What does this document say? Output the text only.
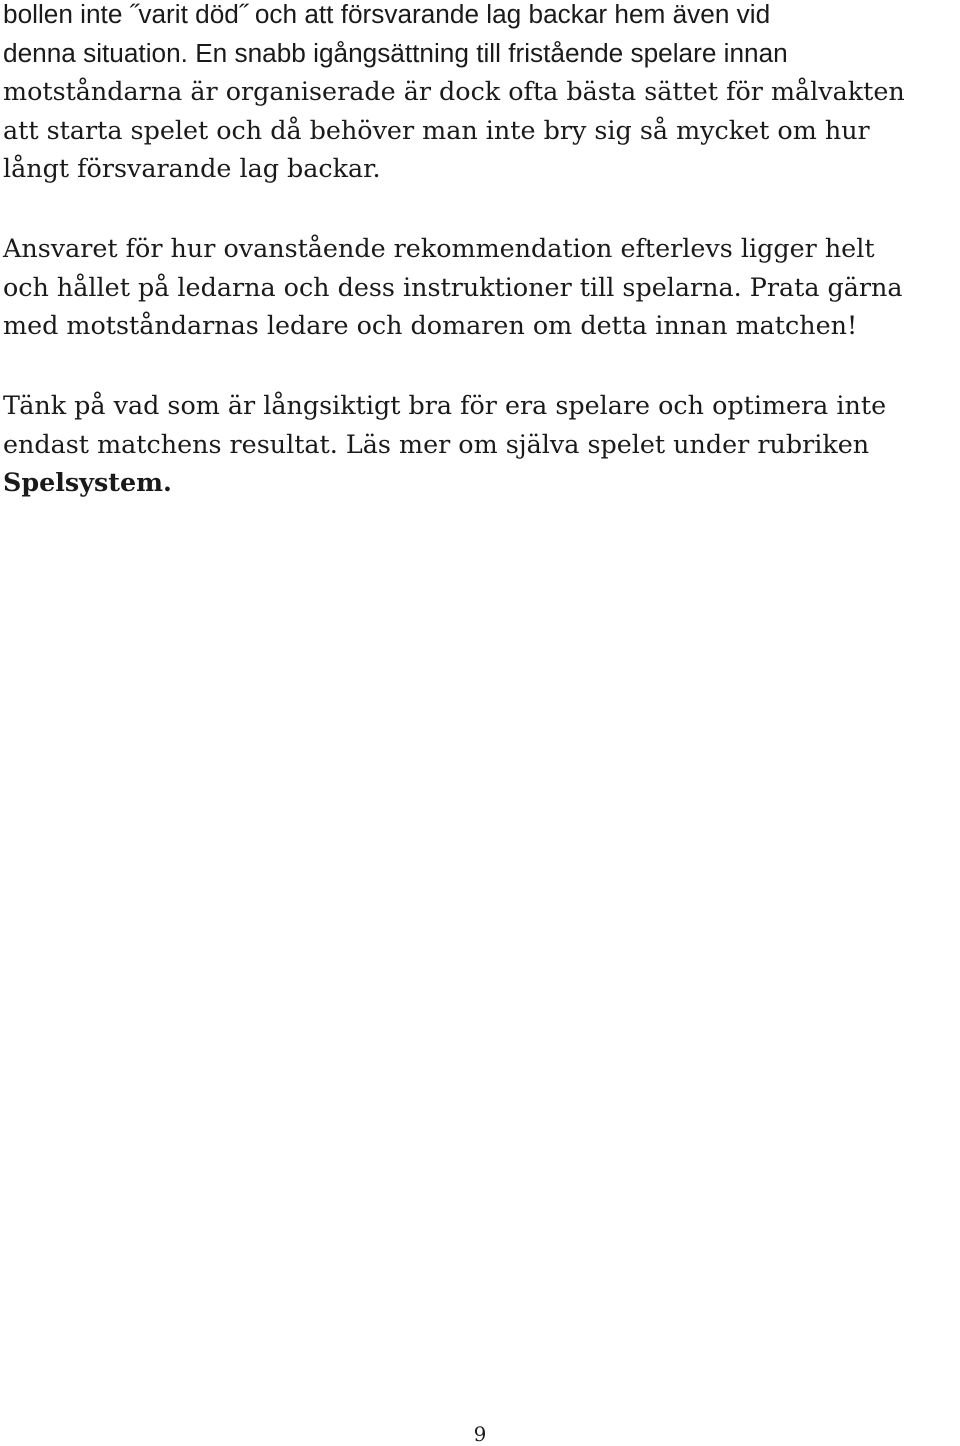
bollen inte ˝varit död˝ och att försvarande lag backar hem även vid
denna situation. En snabb igångsättning till fristående spelare innan
motståndarna är organiserade är dock ofta bästa sättet för målvakten
att starta spelet och då behöver man inte bry sig så mycket om hur
långt försvarande lag backar.

Ansvaret för hur ovanstående rekommendation efterlevs ligger helt
och hållet på ledarna och dess instruktioner till spelarna. Prata gärna
med motståndarnas ledare och domaren om detta innan matchen!

Tänk på vad som är långsiktigt bra för era spelare och optimera inte
endast matchens resultat. Läs mer om själva spelet under rubriken
Spelsystem.

9
